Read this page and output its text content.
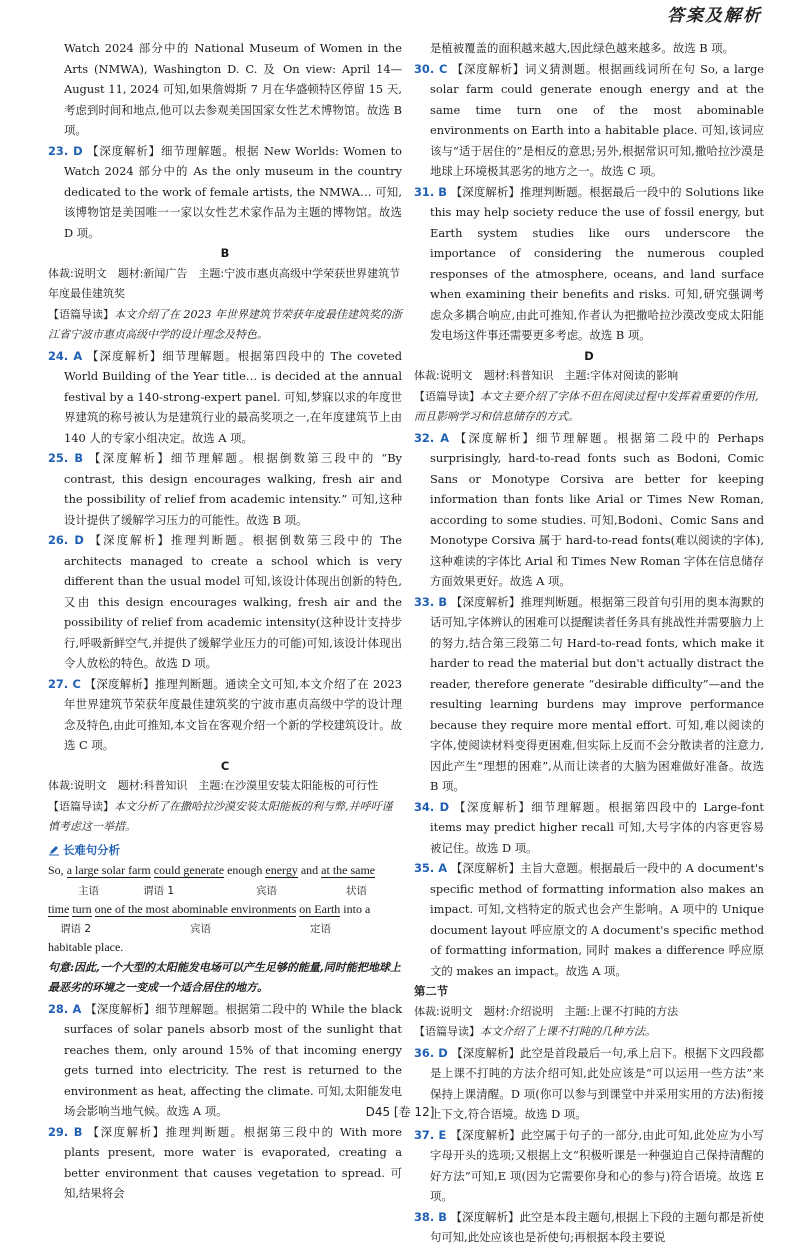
答案及解析

Watch 2024 部分中的 National Museum of Women in the Arts (NMWA), Washington D. C. 及 On view: April 14—August 11, 2024 可知,如果詹姆斯 7 月在华盛顿特区停留 15 天,考虑到时间和地点,他可以去参观美国国家女性艺术博物馆。故选 B 项。

23. D 【深度解析】细节理解题。根据 New Worlds: Women to Watch 2024 部分中的 As the only museum in the country dedicated to the work of female artists, the NMWA… 可知,该博物馆是美国唯一一家以女性艺术家作品为主题的博物馆。故选 D 项。

B

体裁:说明文　题材:新闻广告　主题:宁波市惠贞高级中学荣获世界建筑节年度最佳建筑奖

【语篇导读】本文介绍了在 2023 年世界建筑节荣获年度最佳建筑奖的浙江省宁波市惠贞高级中学的设计理念及特色。

24. A 【深度解析】细节理解题。根据第四段中的 The coveted World Building of the Year title… is decided at the annual festival by a 140-strong-expert panel. 可知,梦寐以求的年度世界建筑的称号被认为是建筑行业的最高奖项之一,在年度建筑节上由 140 人的专家小组决定。故选 A 项。

25. B 【深度解析】细节理解题。根据倒数第三段中的 “By contrast, this design encourages walking, fresh air and the possibility of relief from academic intensity.” 可知,这种设计提供了缓解学习压力的可能性。故选 B 项。

26. D 【深度解析】推理判断题。根据倒数第三段中的 The architects managed to create a school which is very different than the usual model 可知,该设计体现出创新的特色,又由 this design encourages walking, fresh air and the possibility of relief from academic intensity(这种设计支持步行,呼吸新鲜空气,并提供了缓解学业压力的可能)可知,该设计体现出令人放松的特色。故选 D 项。

27. C 【深度解析】推理判断题。通读全文可知,本文介绍了在 2023 年世界建筑节荣获年度最佳建筑奖的宁波市惠贞高级中学的设计理念及特色,由此可推知,本文旨在客观介绍一个新的学校建筑设计。故选 C 项。

C

体裁:说明文　题材:科普知识　主题:在沙漠里安装太阳能板的可行性

【语篇导读】本文分析了在撒哈拉沙漠安装太阳能板的利与弊,并呼吁谨慎考虑这一举措。

长难句分析

So, a large solar farm could generate enough energy and at the same

主语	谓语 1	宾语	状语

time turn one of the most abominable environments on Earth into a

谓语 2	宾语	定语

habitable place.

句意:因此,一个大型的太阳能发电场可以产生足够的能量,同时能把地球上最恶劣的环境之一变成一个适合居住的地方。

28. A 【深度解析】细节理解题。根据第二段中的 While the black surfaces of solar panels absorb most of the sunlight that reaches them, only around 15% of that incoming energy gets turned into electricity. The rest is returned to the environment as heat, affecting the climate. 可知,太阳能发电场会影响当地气候。故选 A 项。

29. B 【深度解析】推理判断题。根据第三段中的 With more plants present, more water is evaporated, creating a better environment that causes vegetation to spread. 可知,结果将会

是植被覆盖的面积越来越大,因此绿色越来越多。故选 B 项。

30. C 【深度解析】词义猜测题。根据画线词所在句 So, a large solar farm could generate enough energy and at the same time turn one of the most abominable environments on Earth into a habitable place. 可知,该词应该与“适于居住的”是相反的意思;另外,根据常识可知,撒哈拉沙漠是地球上环境极其恶劣的地方之一。故选 C 项。

31. B 【深度解析】推理判断题。根据最后一段中的 Solutions like this may help society reduce the use of fossil energy, but Earth system studies like ours underscore the importance of considering the numerous coupled responses of the atmosphere, oceans, and land surface when examining their benefits and risks. 可知,研究强调考虑众多耦合响应,由此可推知,作者认为把撒哈拉沙漠改变成太阳能发电场这件事还需要更多考虑。故选 B 项。

D

体裁:说明文　题材:科普知识　主题:字体对阅读的影响

【语篇导读】本文主要介绍了字体不但在阅读过程中发挥着重要的作用,而且影响学习和信息储存的方式。

32. A 【深度解析】细节理解题。根据第二段中的 Perhaps surprisingly, hard-to-read fonts such as Bodoni, Comic Sans or Monotype Corsiva are better for keeping information than fonts like Arial or Times New Roman, according to some studies. 可知,Bodoni、Comic Sans and Monotype Corsiva 属于 hard-to-read fonts(难以阅读的字体),这种难读的字体比 Arial 和 Times New Roman 字体在信息储存方面效果更好。故选 A 项。

33. B 【深度解析】推理判断题。根据第三段首句引用的奥本海默的话可知,字体辨认的困难可以提醒读者任务具有挑战性并需要脑力上的努力,结合第三段第二句 Hard-to-read fonts, which make it harder to read the material but don't actually distract the reader, therefore generate “desirable difficulty”—and the resulting learning burdens may improve performance because they require more mental effort. 可知,难以阅读的字体,使阅读材料变得更困难,但实际上反而不会分散读者的注意力,因此产生“理想的困难”,从而让读者的大脑为困难做好准备。故选 B 项。

34. D 【深度解析】细节理解题。根据第四段中的 Large-font items may predict higher recall 可知,大号字体的内容更容易被记住。故选 D 项。

35. A 【深度解析】主旨大意题。根据最后一段中的 A document's specific method of formatting information also makes an impact. 可知,文档特定的版式也会产生影响。A 项中的 Unique document layout 呼应原文的 A document's specific method of formatting information, 同时 makes a difference 呼应原文的 makes an impact。故选 A 项。

第二节

体裁:说明文　题材:介绍说明　主题:上课不打盹的方法

【语篇导读】本文介绍了上课不打盹的几种方法。

36. D 【深度解析】此空是首段最后一句,承上启下。根据下文四段都是上课不打盹的方法介绍可知,此处应该是“可以运用一些方法”来保持上课清醒。D 项(你可以参与到课堂中并采用实用的方法)衔接上下文,符合语境。故选 D 项。

37. E 【深度解析】此空属于句子的一部分,由此可知,此处应为小写字母开头的选项;又根据上文“积极听课是一种强迫自己保持清醒的好方法”可知,E 项(因为它需要你身和心的参与)符合语境。故选 E 项。

38. B 【深度解析】此空是本段主题句,根据上下段的主题句都是祈使句可知,此处应该也是祈使句;再根据本段主要说

D45 [卷 12]
